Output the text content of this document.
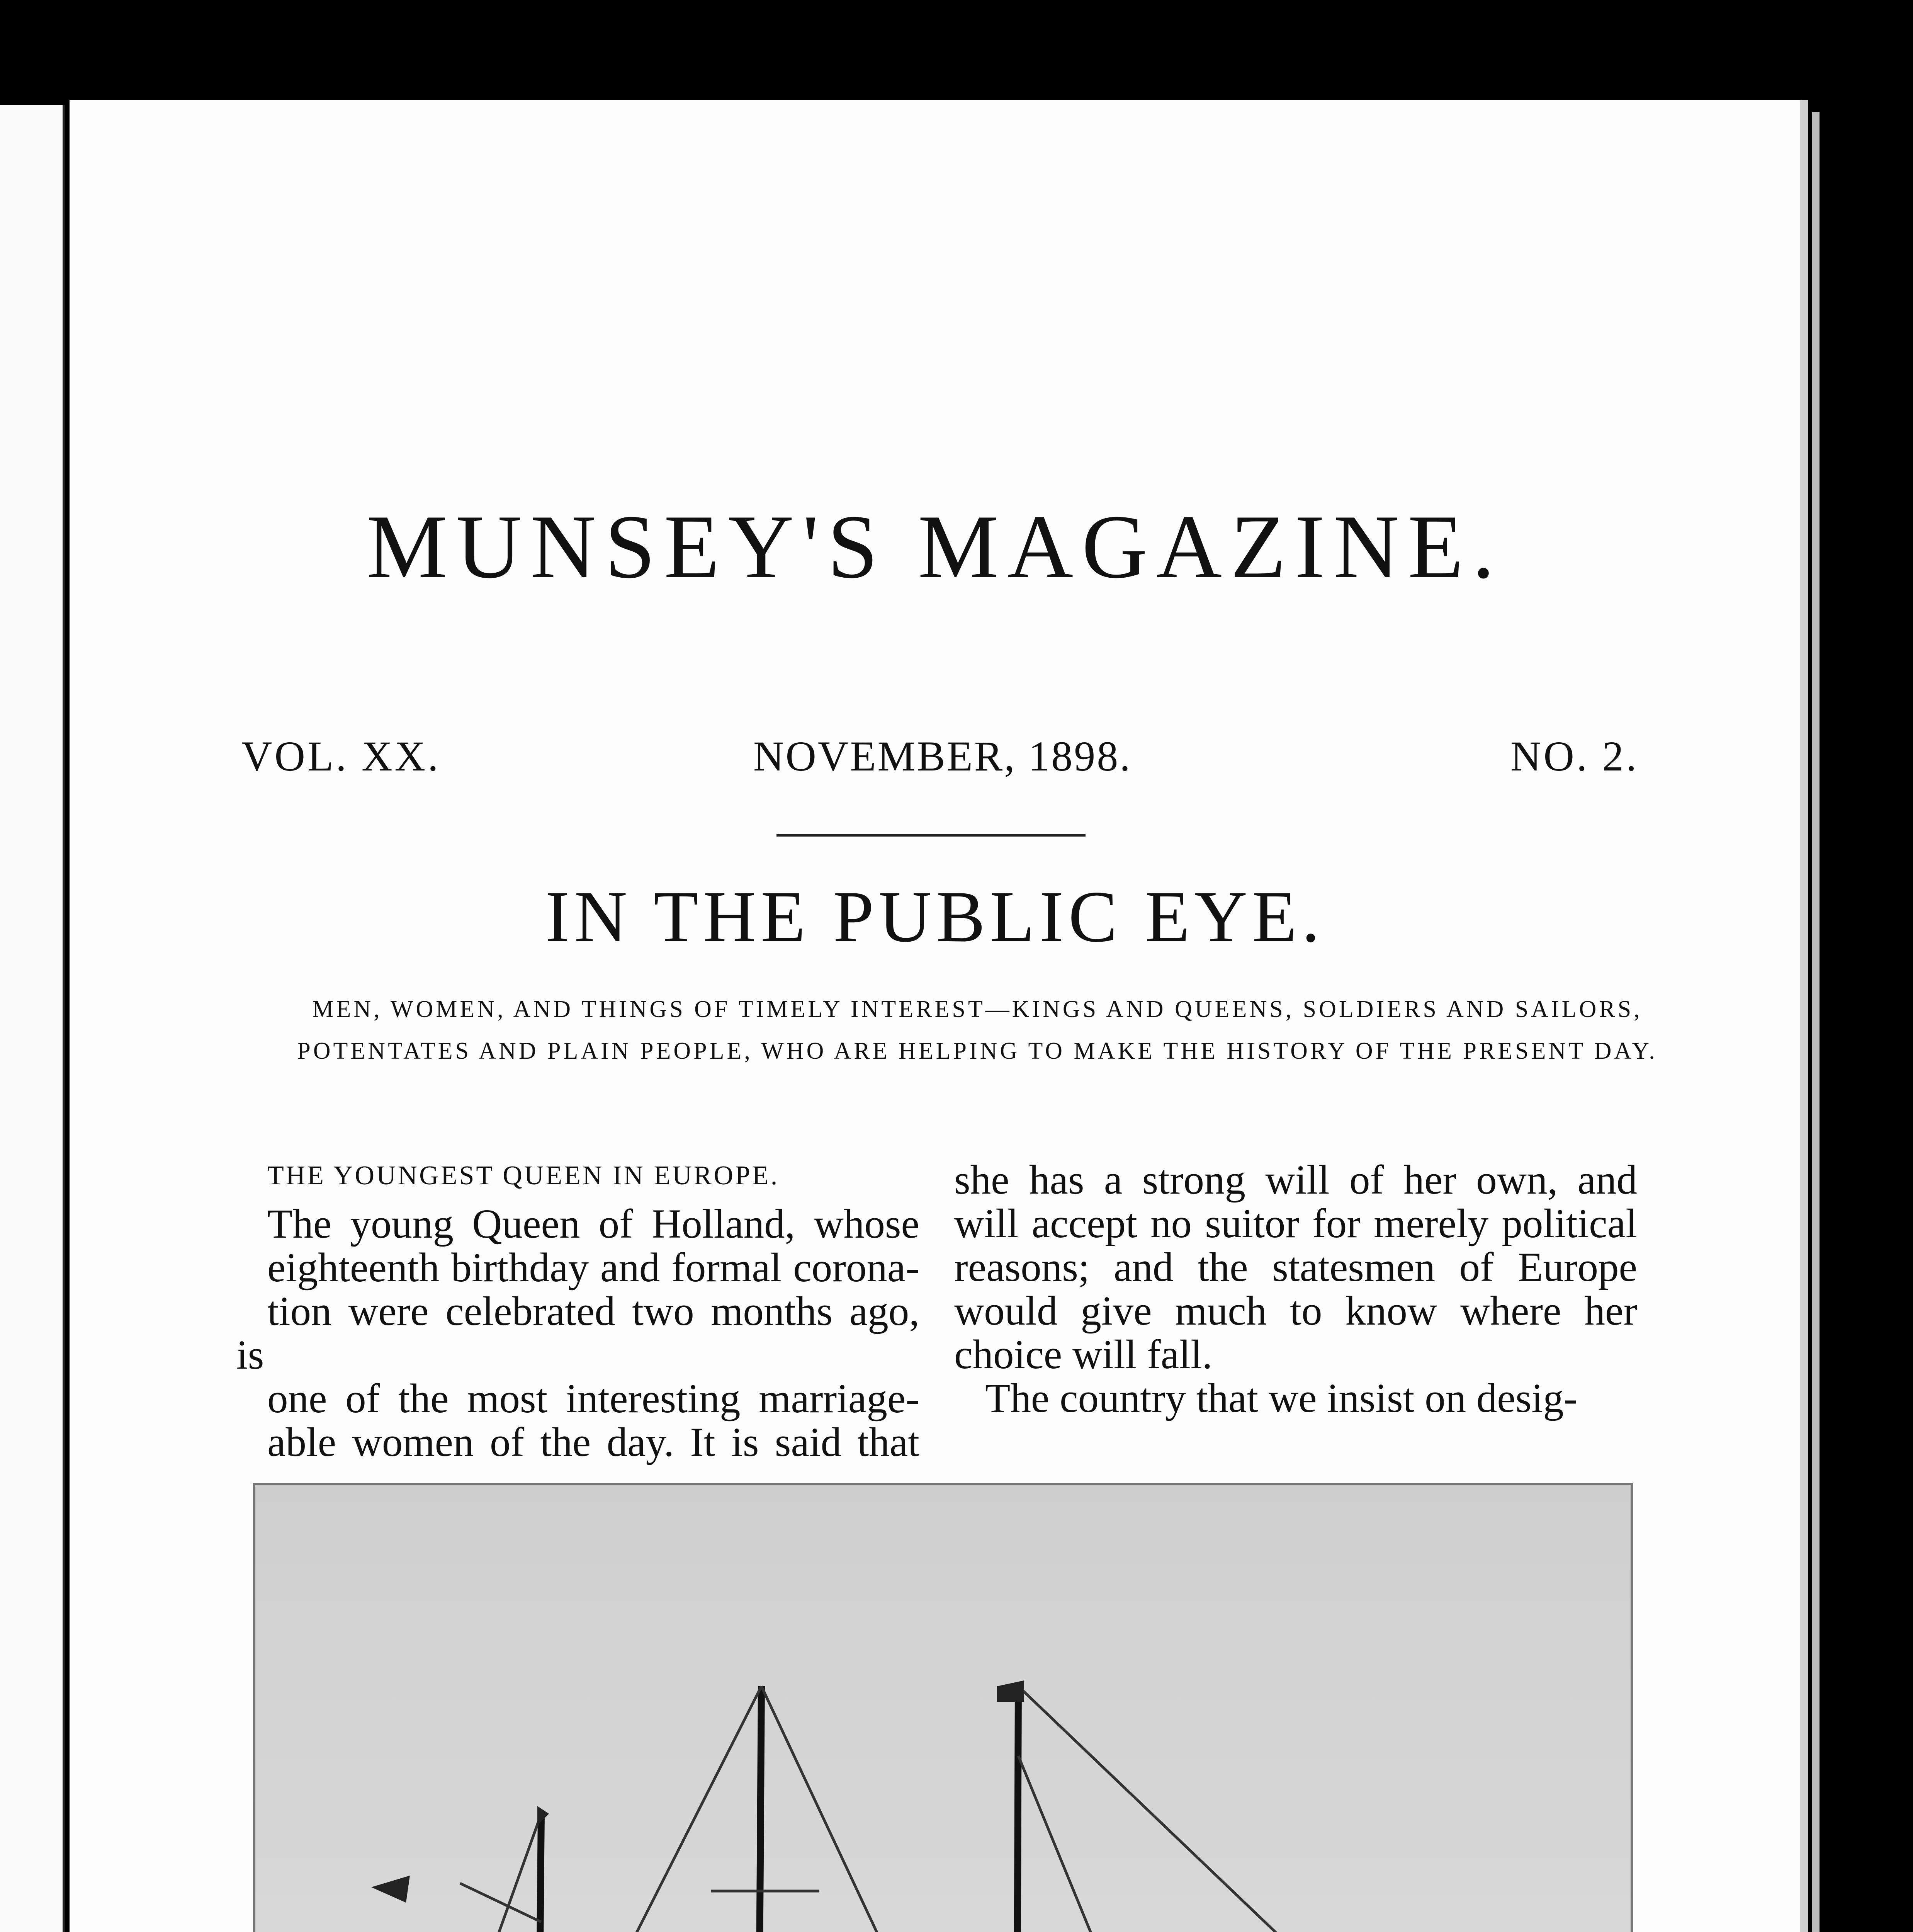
MUNSEY'S MAGAZINE.
VOL. XX.	NOVEMBER, 1898.	NO. 2.
IN THE PUBLIC EYE.
MEN, WOMEN, AND THINGS OF TIMELY INTEREST—KINGS AND QUEENS, SOLDIERS AND SAILORS, POTENTATES AND PLAIN PEOPLE, WHO ARE HELPING TO MAKE THE HISTORY OF THE PRESENT DAY.
THE YOUNGEST QUEEN IN EUROPE.

The young Queen of Holland, whose
eighteenth birthday and formal corona-
tion were celebrated two months ago, is
one of the most interesting marriage-
able women of the day. It is said that

she has a strong will of her own, and
will accept no suitor for merely political
reasons; and the statesmen of Europe
would give much to know where her
choice will fall.

The country that we insist on desig-
